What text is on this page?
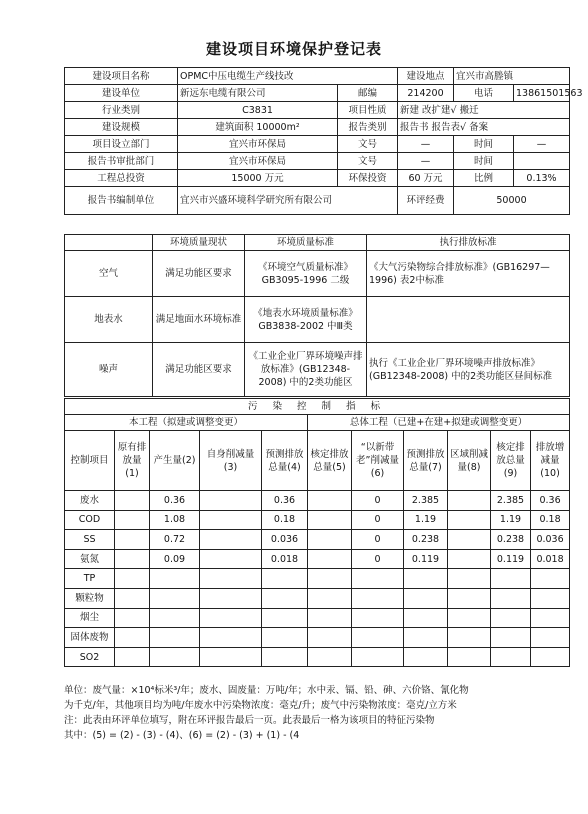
建设项目环境保护登记表
建设项目名称	OPMC中压电缆生产线技改		建设地点	宜兴市高塍镇	
建设单位	新远东电缆有限公司	邮编	214200	电话	13861501563
行业类别	C3831	项目性质	新建 改扩建√ 搬迁		
建设规模	建筑面积 10000m²	报告类别	报告书 报告表√ 备案		
项目设立部门	宜兴市环保局	文号	—	时间	—
报告书审批部门	宜兴市环保局	文号	—	时间	
工程总投资	15000 万元	环保投资	60 万元	比例	0.13%
报告书编制单位	宜兴市兴盛环境科学研究所有限公司		环评经费	50000	
	环境质量现状	环境质量标准	执行排放标准
空气	满足功能区要求	《环境空气质量标准》GB3095-1996 二级	《大气污染物综合排放标准》(GB16297—1996) 表2中标准
地表水	满足地面水环境标准	《地表水环境质量标准》GB3838-2002 中Ⅲ类	
噪声	满足功能区要求	《工业企业厂界环境噪声排放标准》(GB12348-2008) 中的2类功能区	执行《工业企业厂界环境噪声排放标准》(GB12348-2008) 中的2类功能区昼间标准
污 染 控 制 指 标										
本工程（拟建或调整变更）					总体工程（已建+在建+拟建或调整变更）					
控制项目	原有排放量(1)	产生量(2)	自身削减量(3)	预测排放总量(4)	核定排放总量(5)	“以新带老”削减量(6)	预测排放总量(7)	区域削减量(8)	核定排放总量(9)	排放增减量(10)
废水		0.36		0.36		0	2.385		2.385	0.36
COD		1.08		0.18		0	1.19		1.19	0.18
SS		0.72		0.036		0	0.238		0.238	0.036
氨氮		0.09		0.018		0	0.119		0.119	0.018
TP										
颗粒物										
烟尘										
固体废物										
SO2										
单位：废气量：×10⁴标米³/年；废水、固废量：万吨/年；水中汞、镉、铅、砷、六价铬、氰化物
为千克/年，其他项目均为吨/年废水中污染物浓度：毫克/升；废气中污染物浓度：毫克/立方米
注：此表由环评单位填写，附在环评报告最后一页。此表最后一格为该项目的特征污染物
其中：(5) = (2) - (3) - (4)、(6) = (2) - (3) + (1) - (4
